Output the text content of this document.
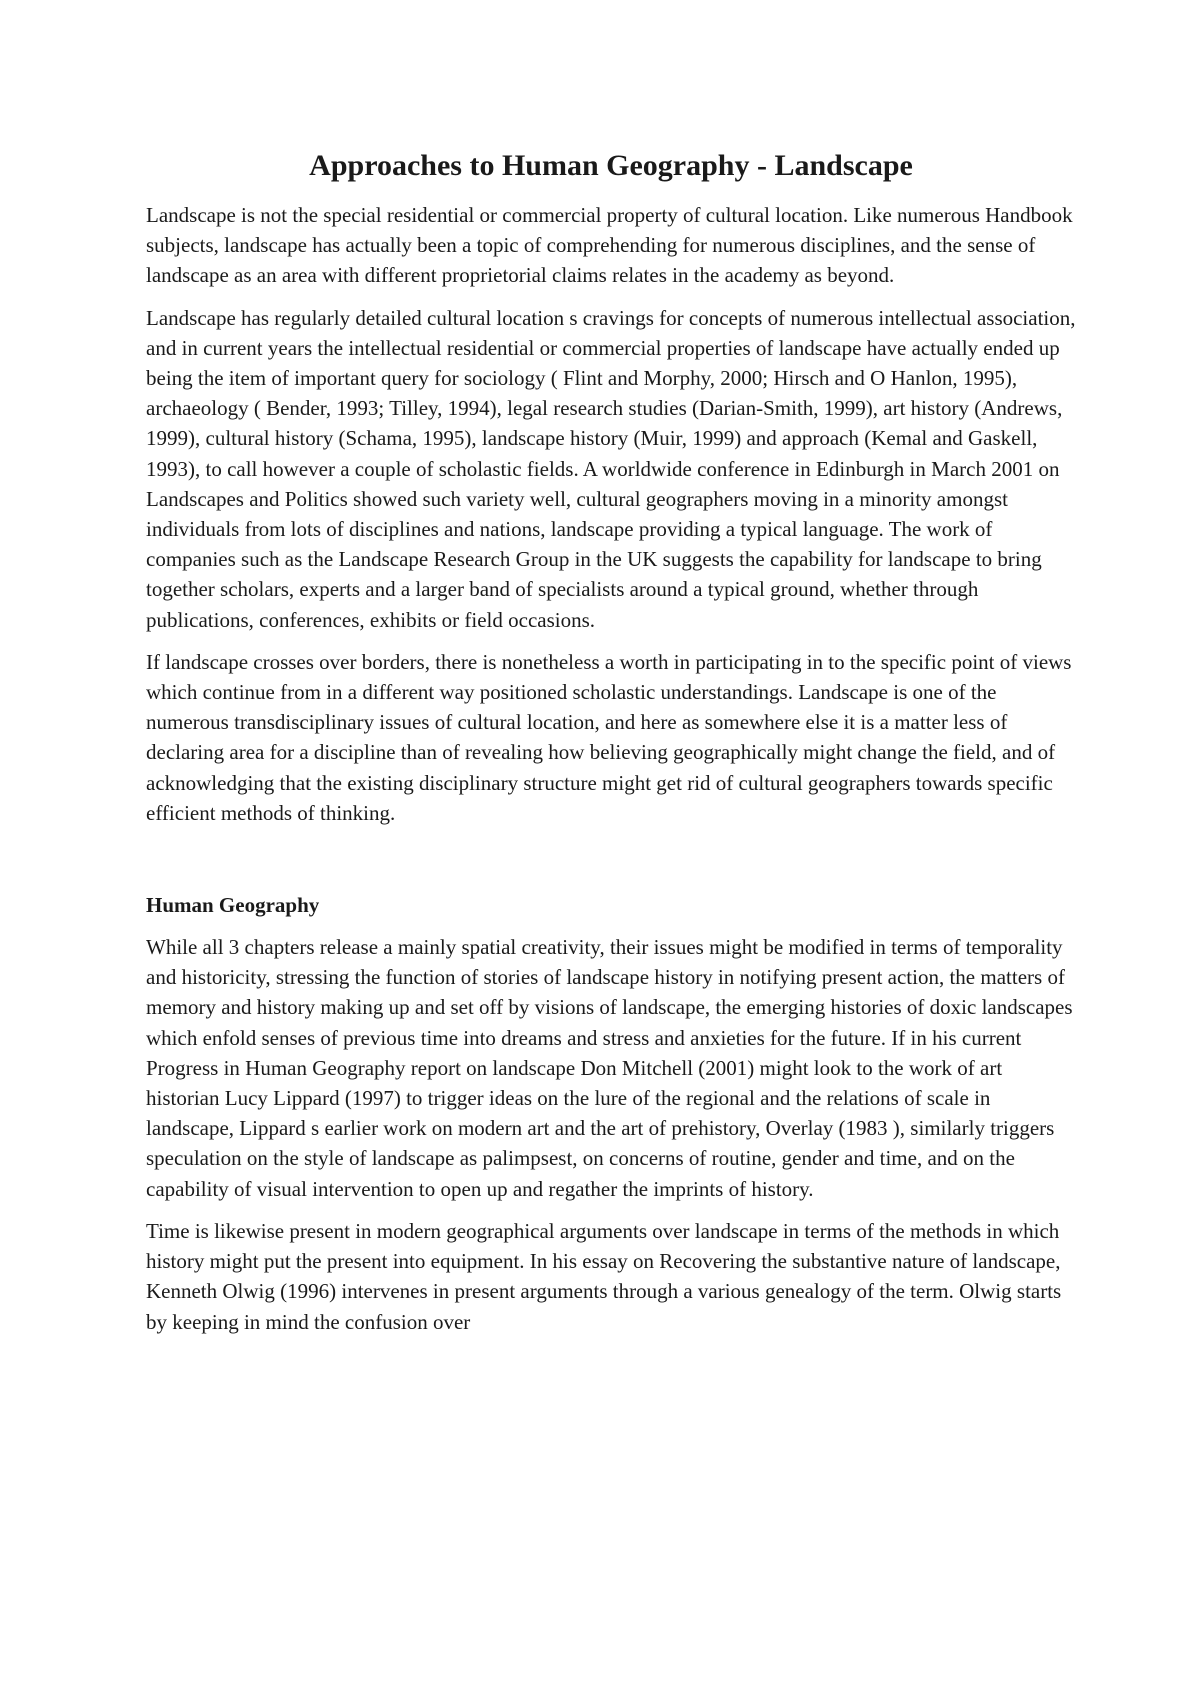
Approaches to Human Geography - Landscape

Landscape is not the special residential or commercial property of cultural location. Like numerous Handbook subjects, landscape has actually been a topic of comprehending for numerous disciplines, and the sense of landscape as an area with different proprietorial claims relates in the academy as beyond.

Landscape has regularly detailed cultural location s cravings for concepts of numerous intellectual association, and in current years the intellectual residential or commercial properties of landscape have actually ended up being the item of important query for sociology ( Flint and Morphy, 2000; Hirsch and O Hanlon, 1995), archaeology ( Bender, 1993; Tilley, 1994), legal research studies (Darian-Smith, 1999), art history (Andrews, 1999), cultural history (Schama, 1995), landscape history (Muir, 1999) and approach (Kemal and Gaskell, 1993), to call however a couple of scholastic fields. A worldwide conference in Edinburgh in March 2001 on Landscapes and Politics showed such variety well, cultural geographers moving in a minority amongst individuals from lots of disciplines and nations, landscape providing a typical language. The work of companies such as the Landscape Research Group in the UK suggests the capability for landscape to bring together scholars, experts and a larger band of specialists around a typical ground, whether through publications, conferences, exhibits or field occasions.

If landscape crosses over borders, there is nonetheless a worth in participating in to the specific point of views which continue from in a different way positioned scholastic understandings. Landscape is one of the numerous transdisciplinary issues of cultural location, and here as somewhere else it is a matter less of declaring area for a discipline than of revealing how believing geographically might change the field, and of acknowledging that the existing disciplinary structure might get rid of cultural geographers towards specific efficient methods of thinking.

Human Geography

While all 3 chapters release a mainly spatial creativity, their issues might be modified in terms of temporality and historicity, stressing the function of stories of landscape history in notifying present action, the matters of memory and history making up and set off by visions of landscape, the emerging histories of doxic landscapes which enfold senses of previous time into dreams and stress and anxieties for the future. If in his current Progress in Human Geography report on landscape Don Mitchell (2001) might look to the work of art historian Lucy Lippard (1997) to trigger ideas on the lure of the regional and the relations of scale in landscape, Lippard s earlier work on modern art and the art of prehistory, Overlay (1983 ), similarly triggers speculation on the style of landscape as palimpsest, on concerns of routine, gender and time, and on the capability of visual intervention to open up and regather the imprints of history.

Time is likewise present in modern geographical arguments over landscape in terms of the methods in which history might put the present into equipment. In his essay on Recovering the substantive nature of landscape, Kenneth Olwig (1996) intervenes in present arguments through a various genealogy of the term. Olwig starts by keeping in mind the confusion over
